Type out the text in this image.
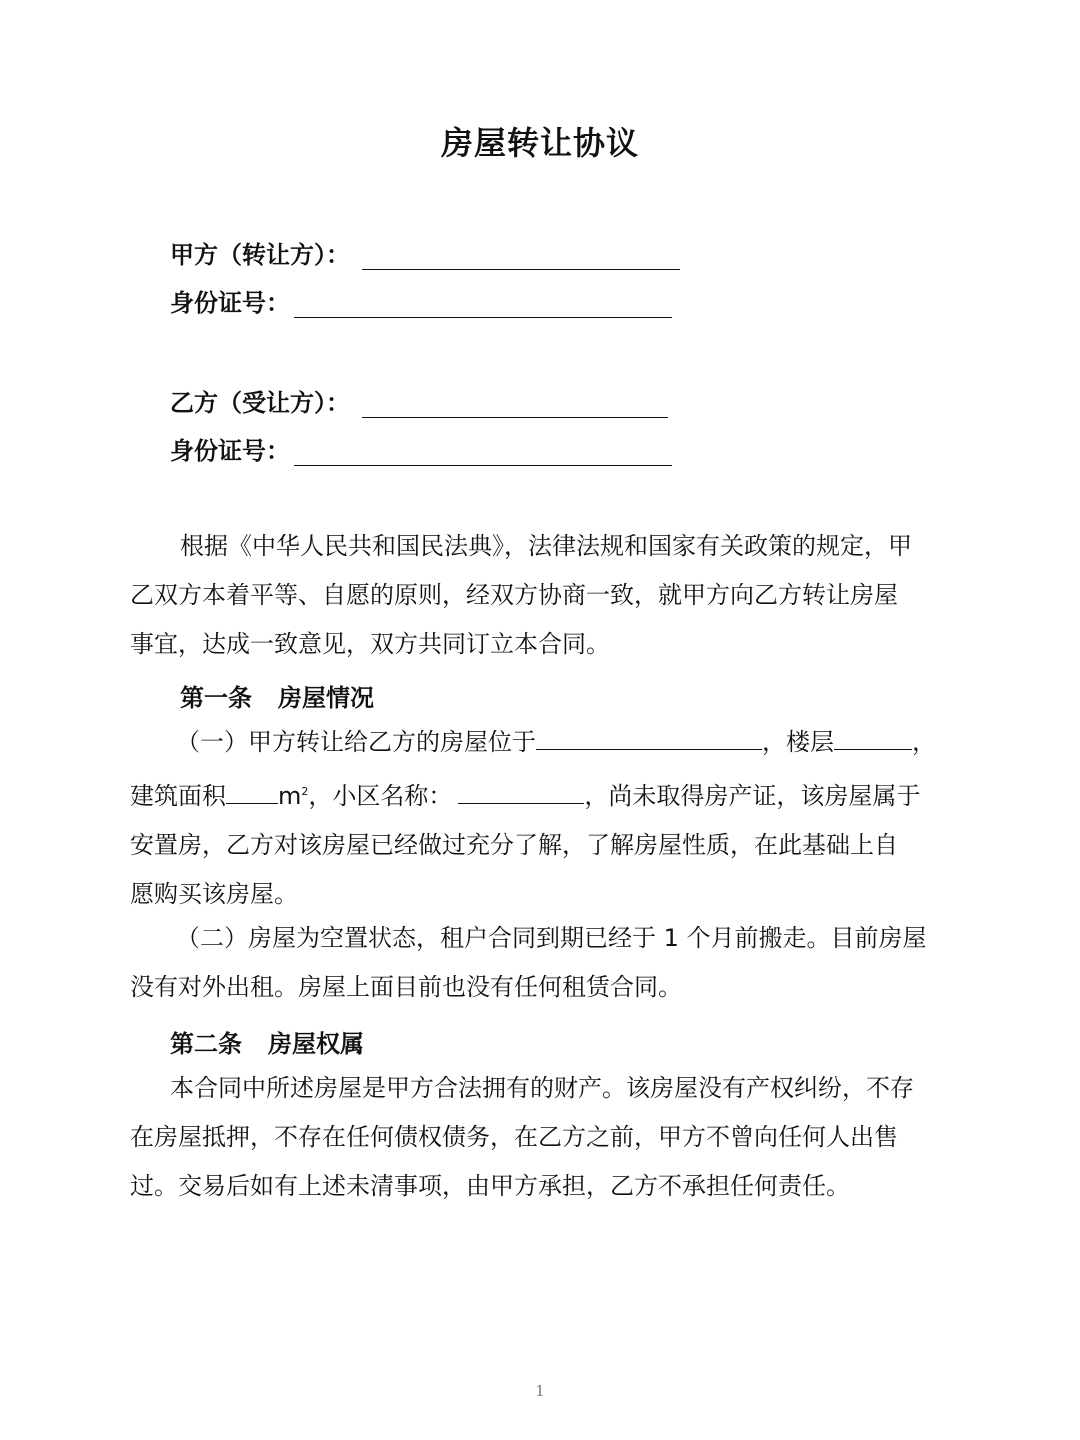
房屋转让协议
甲方（转让方）：
身份证号：
乙方（受让方）：
身份证号：
根据《中华人民共和国民法典》，法律法规和国家有关政策的规定，甲
乙双方本着平等、自愿的原则，经双方协商一致，就甲方向乙方转让房屋
事宜，达成一致意见，双方共同订立本合同。
第一条 房屋情况
（一）甲方转让给乙方的房屋位于	，楼层	，
建筑面积 $m^2$，小区名称：	，尚未取得房产证，该房屋属于
安置房，乙方对该房屋已经做过充分了解，了解房屋性质，在此基础上自
愿购买该房屋。
（二）房屋为空置状态，租户合同到期已经于 1 个月前搬走。目前房屋
没有对外出租。房屋上面目前也没有任何租赁合同。
第二条 房屋权属
本合同中所述房屋是甲方合法拥有的财产。该房屋没有产权纠纷，不存
在房屋抵押，不存在任何债权债务，在乙方之前，甲方不曾向任何人出售
过。交易后如有上述未清事项，由甲方承担，乙方不承担任何责任。
1
